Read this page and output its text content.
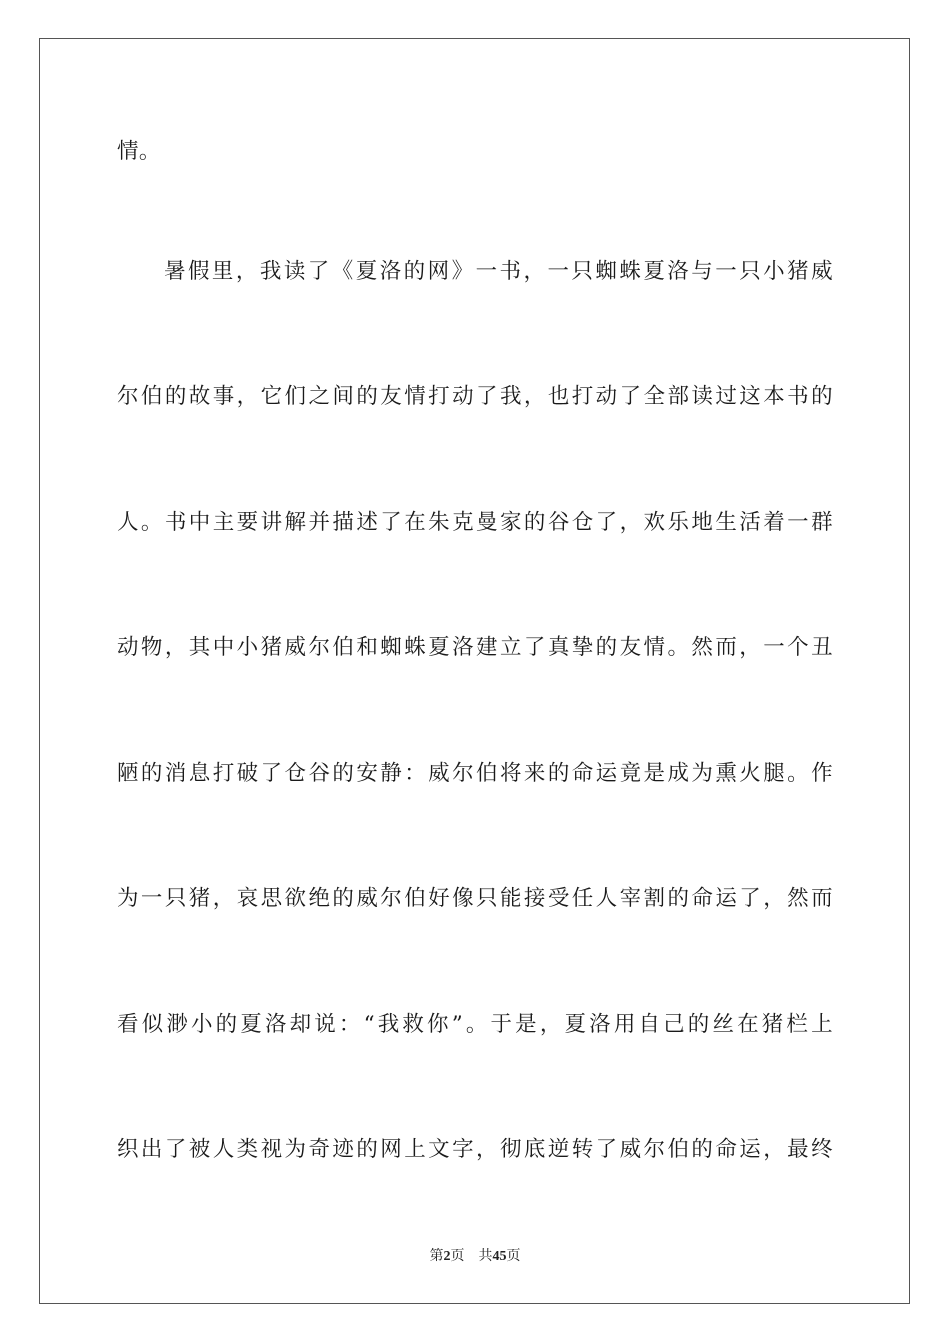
情。

暑假里，我读了《夏洛的网》一书，一只蜘蛛夏洛与一只小猪威

尔伯的故事，它们之间的友情打动了我，也打动了全部读过这本书的

人。书中主要讲解并描述了在朱克曼家的谷仓了，欢乐地生活着一群

动物，其中小猪威尔伯和蜘蛛夏洛建立了真挚的友情。然而，一个丑

陋的消息打破了仓谷的安静：威尔伯将来的命运竟是成为熏火腿。作

为一只猪，哀思欲绝的威尔伯好像只能接受任人宰割的命运了，然而

看似渺小的夏洛却说：“我救你”。于是，夏洛用自己的丝在猪栏上

织出了被人类视为奇迹的网上文字，彻底逆转了威尔伯的命运，最终

第2页 共45页
